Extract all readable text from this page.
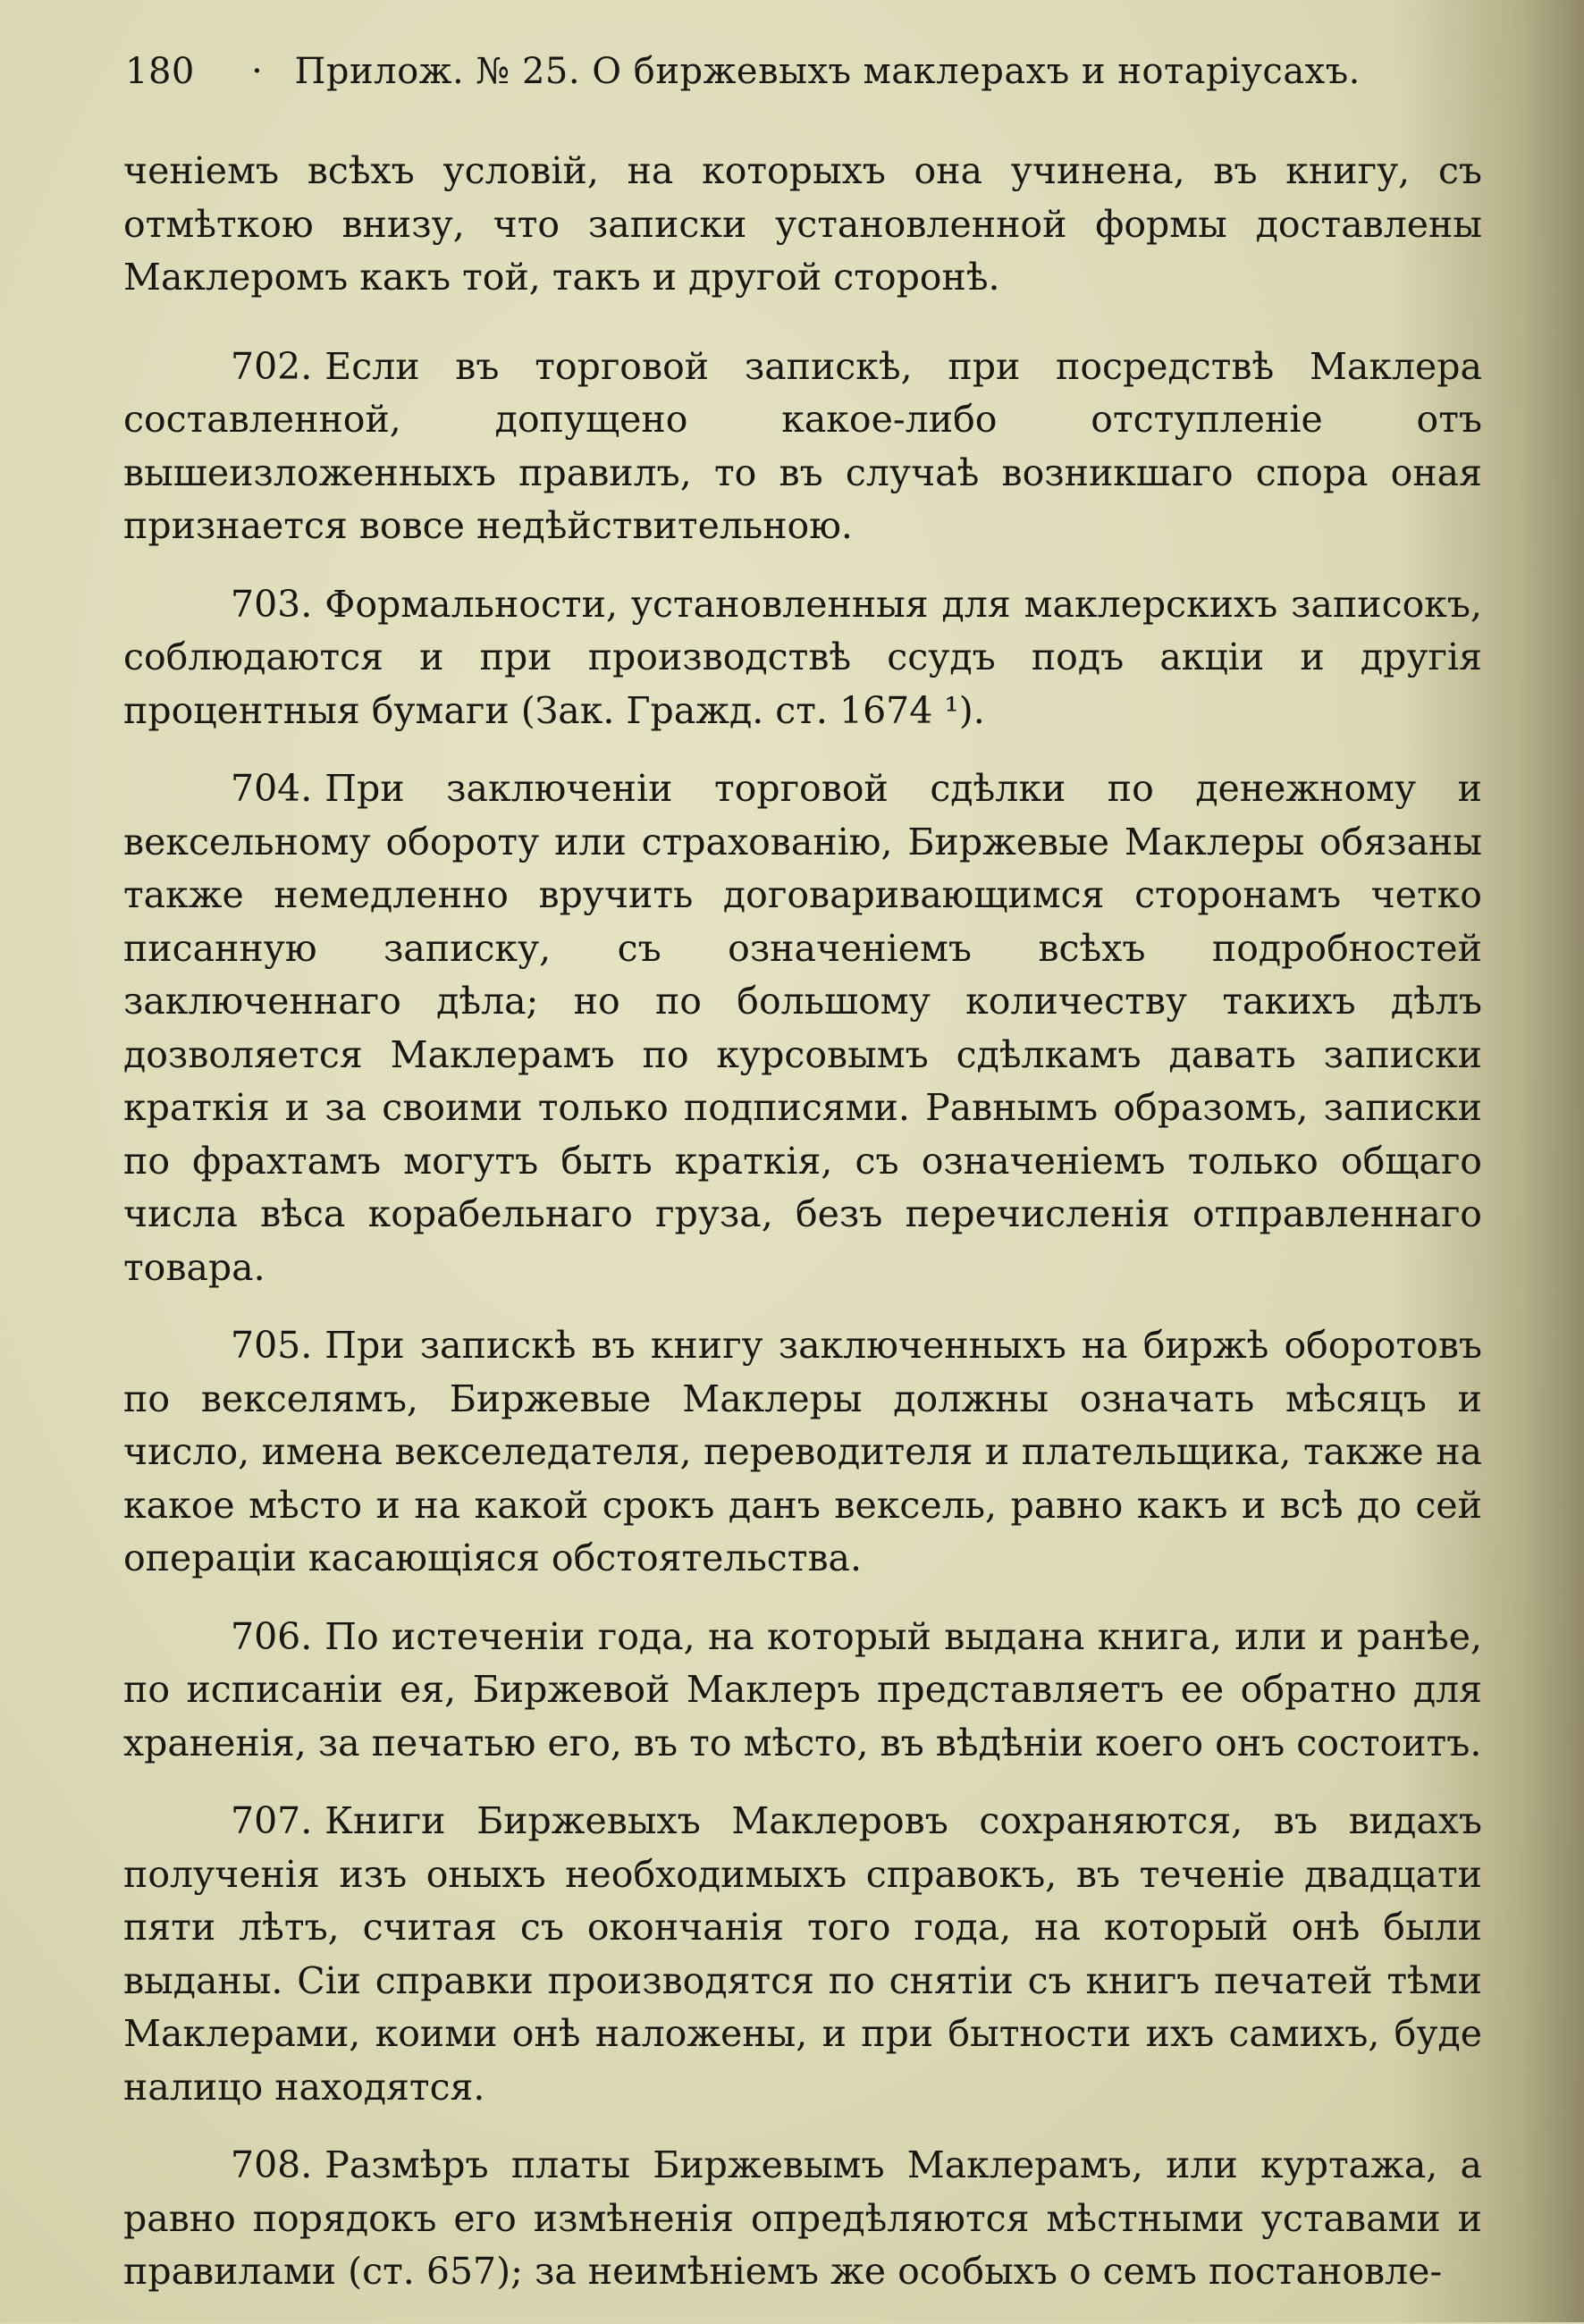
180 · Прилож. № 25. О биржевыхъ маклерахъ и нотаріусахъ.

ченіемъ всѣхъ условій, на которыхъ она учинена, въ книгу, съ отмѣткою внизу, что записки установленной формы доставлены Маклеромъ какъ той, такъ и другой сторонѣ.

702. Если въ торговой запискѣ, при посредствѣ Маклера составленной, допущено какое-либо отступленіе отъ вышеизложенныхъ правилъ, то въ случаѣ возникшаго спора оная признается вовсе недѣйствительною.

703. Формальности, установленныя для маклерскихъ записокъ, соблюдаются и при производствѣ ссудъ подъ акціи и другія процентныя бумаги (Зак. Гражд. ст. 1674 ¹).

704. При заключеніи торговой сдѣлки по денежному и вексельному обороту или страхованію, Биржевые Маклеры обязаны также немедленно вручить договаривающимся сторонамъ четко писанную записку, съ означеніемъ всѣхъ подробностей заключеннаго дѣла; но по большому количеству такихъ дѣлъ дозволяется Маклерамъ по курсовымъ сдѣлкамъ давать записки краткія и за своими только подписями. Равнымъ образомъ, записки по фрахтамъ могутъ быть краткія, съ означеніемъ только общаго числа вѣса корабельнаго груза, безъ перечисленія отправленнаго товара.

705. При запискѣ въ книгу заключенныхъ на биржѣ оборотовъ по векселямъ, Биржевые Маклеры должны означать мѣсяцъ и число, имена векселедателя, переводителя и плательщика, также на какое мѣсто и на какой срокъ данъ вексель, равно какъ и всѣ до сей операціи касающіяся обстоятельства.

706. По истеченіи года, на который выдана книга, или и ранѣе, по исписаніи ея, Биржевой Маклеръ представляетъ ее обратно для храненія, за печатью его, въ то мѣсто, въ вѣдѣніи коего онъ состоитъ.

707. Книги Биржевыхъ Маклеровъ сохраняются, въ видахъ полученія изъ оныхъ необходимыхъ справокъ, въ теченіе двадцати пяти лѣтъ, считая съ окончанія того года, на который онѣ были выданы. Сіи справки производятся по снятіи съ книгъ печатей тѣми Маклерами, коими онѣ наложены, и при бытности ихъ самихъ, буде налицо находятся.

708. Размѣръ платы Биржевымъ Маклерамъ, или куртажа, а равно порядокъ его измѣненія опредѣляются мѣстными уставами и правилами (ст. 657); за неимѣніемъ же особыхъ о семъ постановле-
